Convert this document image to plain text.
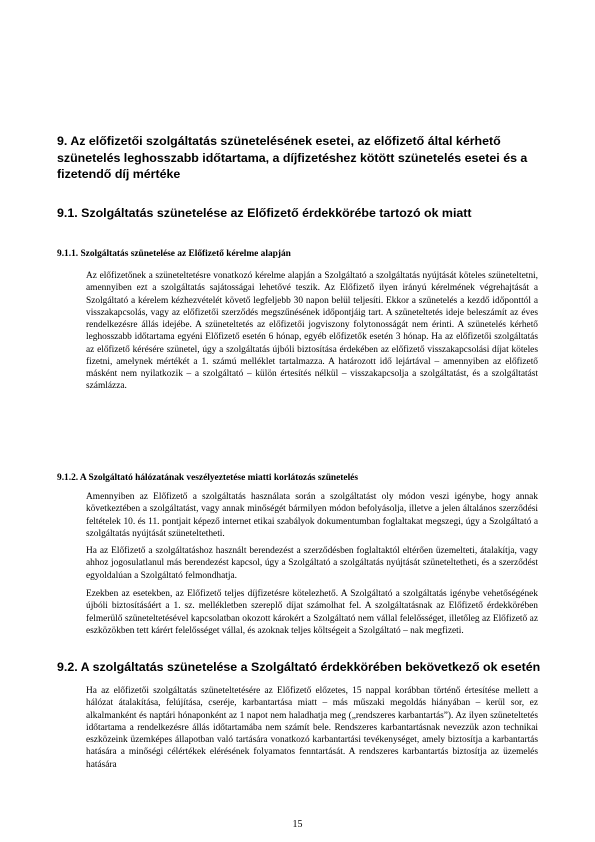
9. Az előfizetői szolgáltatás szünetelésének esetei, az előfizető által kérhető szünetelés leghosszabb időtartama, a díjfizetéshez kötött szünetelés esetei és a fizetendő díj mértéke
9.1. Szolgáltatás szünetelése az Előfizető érdekkörébe tartozó ok miatt
9.1.1. Szolgáltatás szünetelése az Előfizető kérelme alapján

Az előfizetőnek a szüneteltetésre vonatkozó kérelme alapján a Szolgáltató a szolgáltatás nyújtását köteles szüneteltetni, amennyiben ezt a szolgáltatás sajátosságai lehetővé teszik. Az Előfizető ilyen irányú kérelmének végrehajtását a Szolgáltató a kérelem kézhezvételét követő legfeljebb 30 napon belül teljesíti. Ekkor a szünetelés a kezdő időponttól a visszakapcsolás, vagy az előfizetői szerződés megszűnésének időpontjáig tart. A szüneteltetés ideje beleszámít az éves rendelkezésre állás idejébe. A szüneteltetés az előfizetői jogviszony folytonosságát nem érinti. A szünetelés kérhető leghosszabb időtartama egyéni Előfizető esetén 6 hónap, egyéb előfizetők esetén 3 hónap. Ha az előfizetői szolgáltatás az előfizető kérésére szünetel, úgy a szolgáltatás újbóli biztosítása érdekében az előfizető visszakapcsolási díjat köteles fizetni, amelynek mértékét a 1. számú melléklet tartalmazza. A határozott idő lejártával – amennyiben az előfizető másként nem nyilatkozik – a szolgáltató – külön értesítés nélkül – visszakapcsolja a szolgáltatást, és a szolgáltatást számlázza.

9.1.2. A Szolgáltató hálózatának veszélyeztetése miatti korlátozás szünetelés

Amennyiben az Előfizető a szolgáltatás használata során a szolgáltatást oly módon veszi igénybe, hogy annak következtében a szolgáltatást, vagy annak minőségét bármilyen módon befolyásolja, illetve a jelen általános szerződési feltételek 10. és 11. pontjait képező internet etikai szabályok dokumentumban foglaltakat megszegi, úgy a Szolgáltató a szolgáltatás nyújtását szüneteltetheti.

Ha az Előfizető a szolgáltatáshoz használt berendezést a szerződésben foglaltaktól eltérően üzemelteti, átalakítja, vagy ahhoz jogosulatlanul más berendezést kapcsol, úgy a Szolgáltató a szolgáltatás nyújtását szüneteltetheti, és a szerződést egyoldalúan a Szolgáltató felmondhatja.

Ezekben az esetekben, az Előfizető teljes díjfizetésre kötelezhető. A Szolgáltató a szolgáltatás igénybe vehetőségének újbóli biztosításáért a 1. sz. mellékletben szereplő díjat számolhat fel. A szolgáltatásnak az Előfizető érdekkörében felmerülő szüneteltetésével kapcsolatban okozott károkért a Szolgáltató nem vállal felelősséget, illetőleg az Előfizető az eszközökben tett kárért felelősséget vállal, és azoknak teljes költségeit a Szolgáltató – nak megfizeti.

9.2. A szolgáltatás szünetelése a Szolgáltató érdekkörében bekövetkező ok esetén

Ha az előfizetői szolgáltatás szüneteltetésére az Előfizető előzetes, 15 nappal korábban történő értesítése mellett a hálózat átalakítása, felújítása, cseréje, karbantartása miatt – más műszaki megoldás hiányában – kerül sor, ez alkalmanként és naptári hónaponként az 1 napot nem haladhatja meg („rendszeres karbantartás”). Az ilyen szüneteltetés időtartama a rendelkezésre állás időtartamába nem számít bele. Rendszeres karbantartásnak nevezzük azon technikai eszközeink üzemképes állapotban való tartására vonatkozó karbantartási tevékenységet, amely biztosítja a karbantartás hatására a minőségi célértékek elérésének folyamatos fenntartását. A rendszeres karbantartás biztosítja az üzemelés hatására

15
